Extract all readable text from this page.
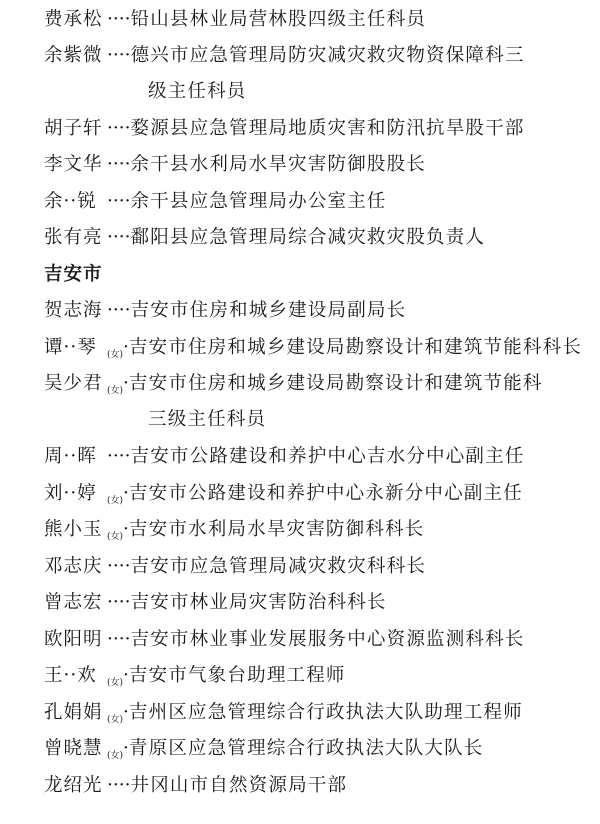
费承松 ····铅山县林业局营林股四级主任科员
余紫微 ····德兴市应急管理局防灾减灾救灾物资保障科三
级主任科员
胡子轩 ····婺源县应急管理局地质灾害和防汛抗旱股干部
李文华 ····余干县水利局水旱灾害防御股股长
余··锐 ····余干县应急管理局办公室主任
张有亮 ····鄱阳县应急管理局综合减灾救灾股负责人
吉安市
贺志海 ····吉安市住房和城乡建设局副局长
谭··琴 (女)·吉安市住房和城乡建设局勘察设计和建筑节能科科长
吴少君 (女)·吉安市住房和城乡建设局勘察设计和建筑节能科
三级主任科员
周··晖 ····吉安市公路建设和养护中心吉水分中心副主任
刘··婷 (女)·吉安市公路建设和养护中心永新分中心副主任
熊小玉 (女)·吉安市水利局水旱灾害防御科科长
邓志庆 ····吉安市应急管理局减灾救灾科科长
曾志宏 ····吉安市林业局灾害防治科科长
欧阳明 ····吉安市林业事业发展服务中心资源监测科科长
王··欢 (女)·吉安市气象台助理工程师
孔娟娟 (女)·吉州区应急管理综合行政执法大队助理工程师
曾晓慧 (女)·青原区应急管理综合行政执法大队大队长
龙绍光 ····井冈山市自然资源局干部
